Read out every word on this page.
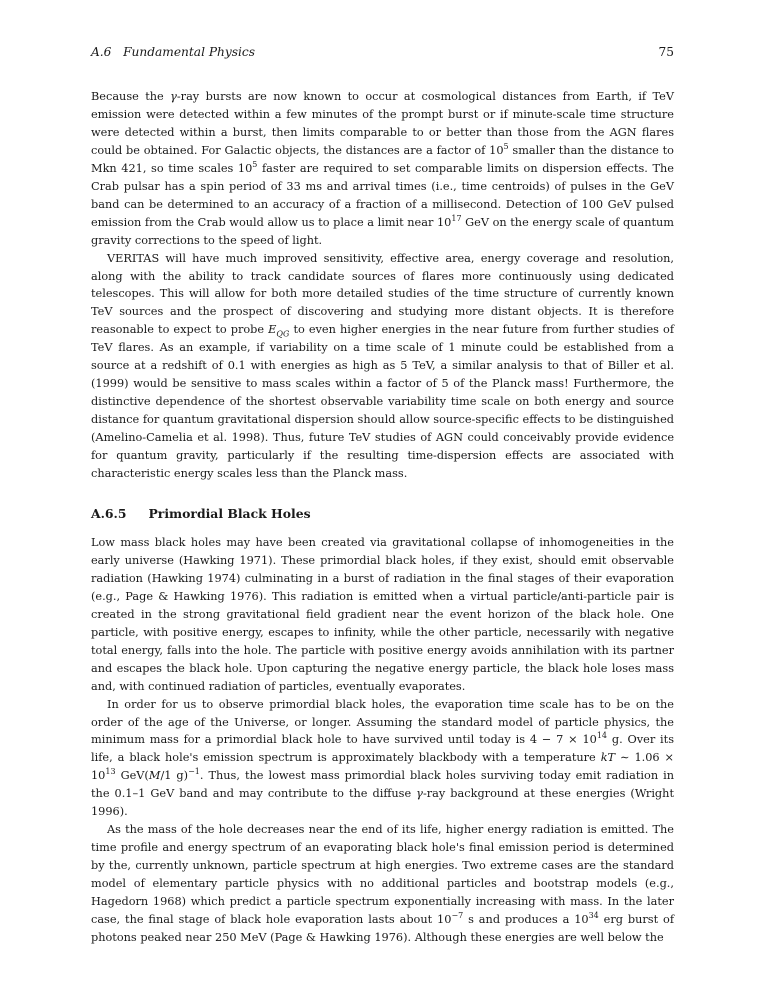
A.6 Fundamental Physics	75

Because the γ-ray bursts are now known to occur at cosmological distances from Earth, if TeV emission were detected within a few minutes of the prompt burst or if minute-scale time structure were detected within a burst, then limits comparable to or better than those from the AGN flares could be obtained. For Galactic objects, the distances are a factor of $10^5$ smaller than the distance to Mkn 421, so time scales $10^5$ faster are required to set comparable limits on dispersion effects. The Crab pulsar has a spin period of 33 ms and arrival times (i.e., time centroids) of pulses in the GeV band can be determined to an accuracy of a fraction of a millisecond. Detection of 100 GeV pulsed emission from the Crab would allow us to place a limit near $10^{17}$ GeV on the energy scale of quantum gravity corrections to the speed of light.

VERITAS will have much improved sensitivity, effective area, energy coverage and resolution, along with the ability to track candidate sources of flares more continuously using dedicated telescopes. This will allow for both more detailed studies of the time structure of currently known TeV sources and the prospect of discovering and studying more distant objects. It is therefore reasonable to expect to probe $E_{QG}$ to even higher energies in the near future from further studies of TeV flares. As an example, if variability on a time scale of 1 minute could be established from a source at a redshift of 0.1 with energies as high as 5 TeV, a similar analysis to that of Biller et al. (1999) would be sensitive to mass scales within a factor of 5 of the Planck mass! Furthermore, the distinctive dependence of the shortest observable variability time scale on both energy and source distance for quantum gravitational dispersion should allow source-specific effects to be distinguished (Amelino-Camelia et al. 1998). Thus, future TeV studies of AGN could conceivably provide evidence for quantum gravity, particularly if the resulting time-dispersion effects are associated with characteristic energy scales less than the Planck mass.

A.6.5 Primordial Black Holes

Low mass black holes may have been created via gravitational collapse of inhomogeneities in the early universe (Hawking 1971). These primordial black holes, if they exist, should emit observable radiation (Hawking 1974) culminating in a burst of radiation in the final stages of their evaporation (e.g., Page & Hawking 1976). This radiation is emitted when a virtual particle/anti-particle pair is created in the strong gravitational field gradient near the event horizon of the black hole. One particle, with positive energy, escapes to infinity, while the other particle, necessarily with negative total energy, falls into the hole. The particle with positive energy avoids annihilation with its partner and escapes the black hole. Upon capturing the negative energy particle, the black hole loses mass and, with continued radiation of particles, eventually evaporates.

In order for us to observe primordial black holes, the evaporation time scale has to be on the order of the age of the Universe, or longer. Assuming the standard model of particle physics, the minimum mass for a primordial black hole to have survived until today is $4 - 7 \times 10^{14}$ g. Over its life, a black hole's emission spectrum is approximately blackbody with a temperature kT ∼ $1.06 \times 10^{13}$ GeV(M/1 g)$^{-1}$. Thus, the lowest mass primordial black holes surviving today emit radiation in the 0.1–1 GeV band and may contribute to the diffuse γ-ray background at these energies (Wright 1996).

As the mass of the hole decreases near the end of its life, higher energy radiation is emitted. The time profile and energy spectrum of an evaporating black hole's final emission period is determined by the, currently unknown, particle spectrum at high energies. Two extreme cases are the standard model of elementary particle physics with no additional particles and bootstrap models (e.g., Hagedorn 1968) which predict a particle spectrum exponentially increasing with mass. In the later case, the final stage of black hole evaporation lasts about $10^{-7}$ s and produces a $10^{34}$ erg burst of photons peaked near 250 MeV (Page & Hawking 1976). Although these energies are well below the
